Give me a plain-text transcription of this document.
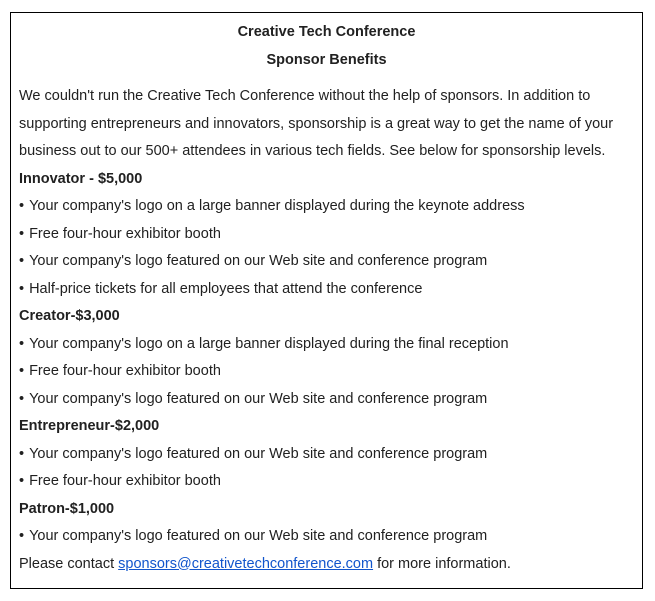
Creative Tech Conference

Sponsor Benefits

We couldn't run the Creative Tech Conference without the help of sponsors. In addition to supporting entrepreneurs and innovators, sponsorship is a great way to get the name of your business out to our 500+ attendees in various tech fields. See below for sponsorship levels.

Innovator - $5,000

• Your company's logo on a large banner displayed during the keynote address

• Free four-hour exhibitor booth

• Your company's logo featured on our Web site and conference program

• Half-price tickets for all employees that attend the conference

Creator-$3,000

• Your company's logo on a large banner displayed during the final reception

• Free four-hour exhibitor booth

• Your company's logo featured on our Web site and conference program

Entrepreneur-$2,000

• Your company's logo featured on our Web site and conference program

• Free four-hour exhibitor booth

Patron-$1,000

• Your company's logo featured on our Web site and conference program

Please contact sponsors@creativetechconference.com for more information.
